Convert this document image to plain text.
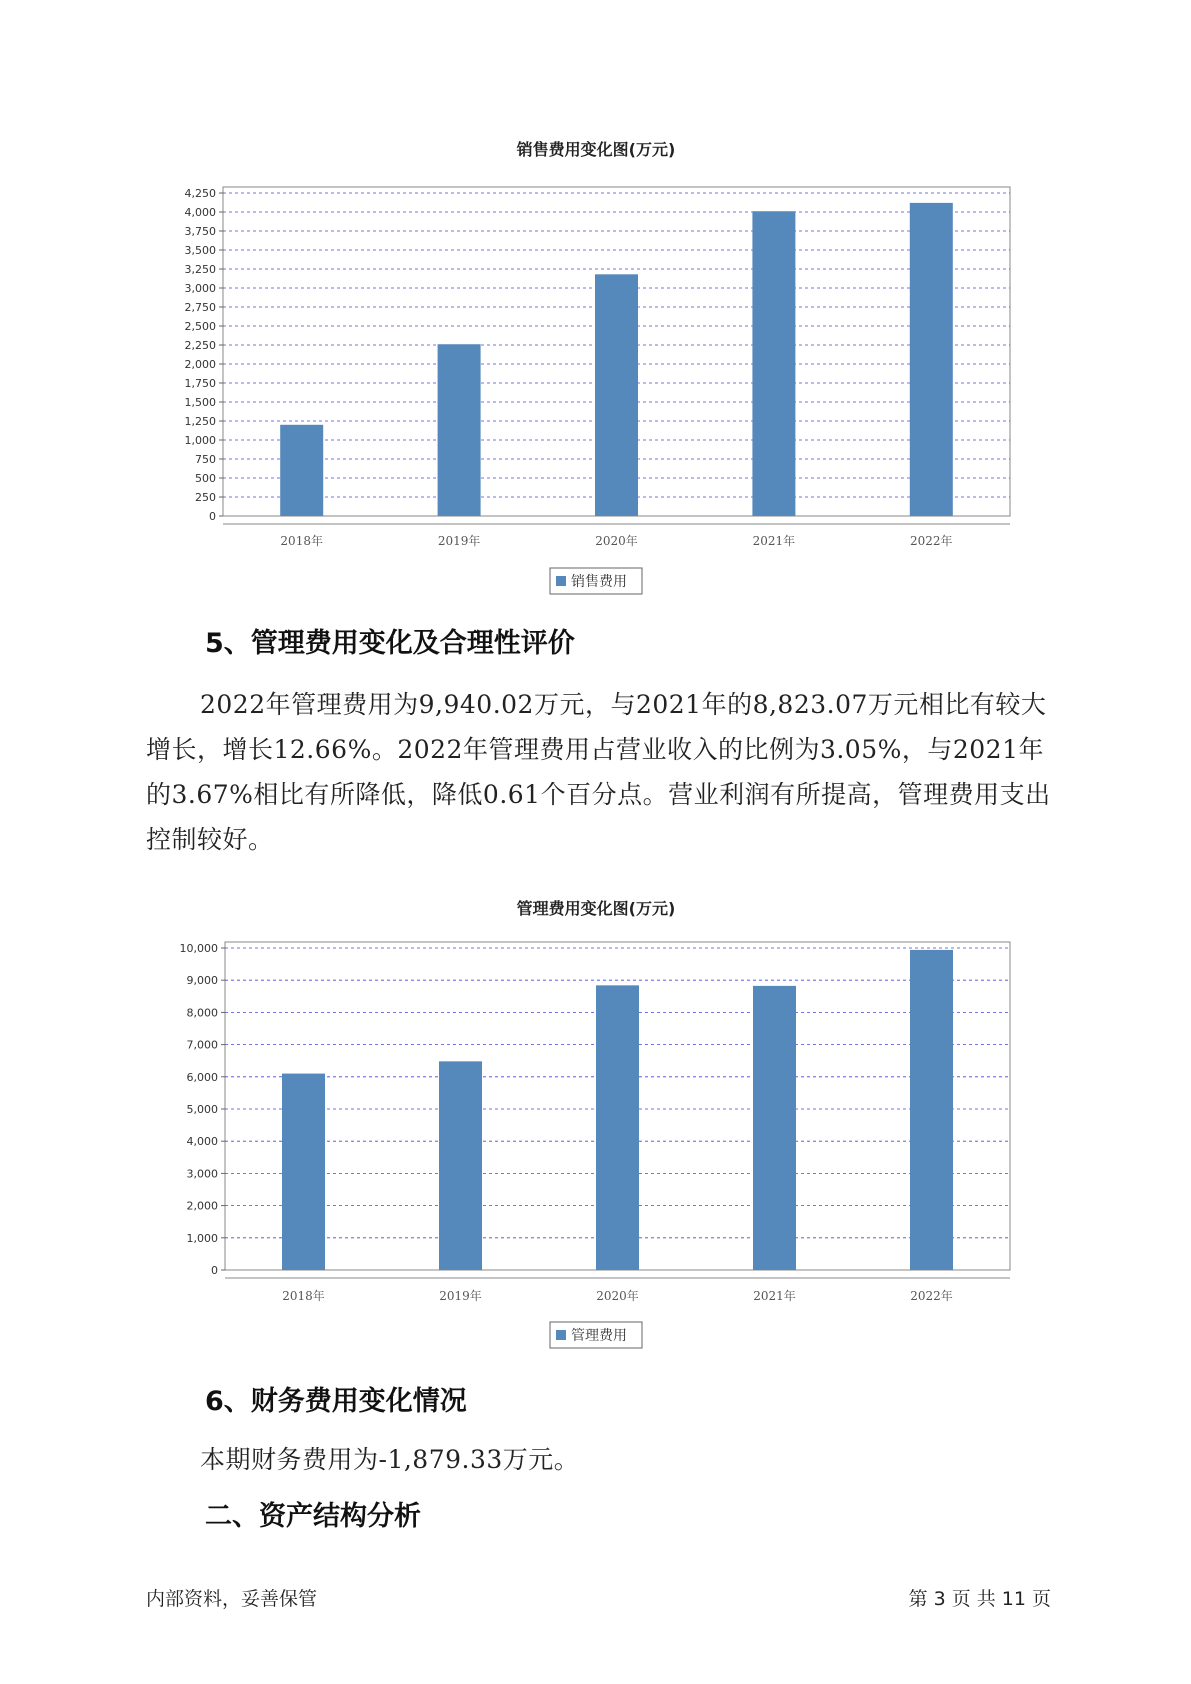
销售费用变化图(万元)
0
250
500
750
1,000
1,250
1,500
1,750
2,000
2,250
2,500
2,750
3,000
3,250
3,500
3,750
4,000
4,250
2018年	2019年	2020年	2021年	2022年
销售费用
5、管理费用变化及合理性评价

2022年管理费用为9,940.02万元，与2021年的8,823.07万元相比有较大增长，增长12.66%。2022年管理费用占营业收入的比例为3.05%，与2021年的3.67%相比有所降低，降低0.61个百分点。营业利润有所提高，管理费用支出控制较好。

管理费用变化图(万元)
0
1,000
2,000
3,000
4,000
5,000
6,000
7,000
8,000
9,000
10,000
2018年	2019年	2020年	2021年	2022年
管理费用
6、财务费用变化情况

本期财务费用为-1,879.33万元。

二、资产结构分析
内部资料，妥善保管	第 3 页 共 11 页
